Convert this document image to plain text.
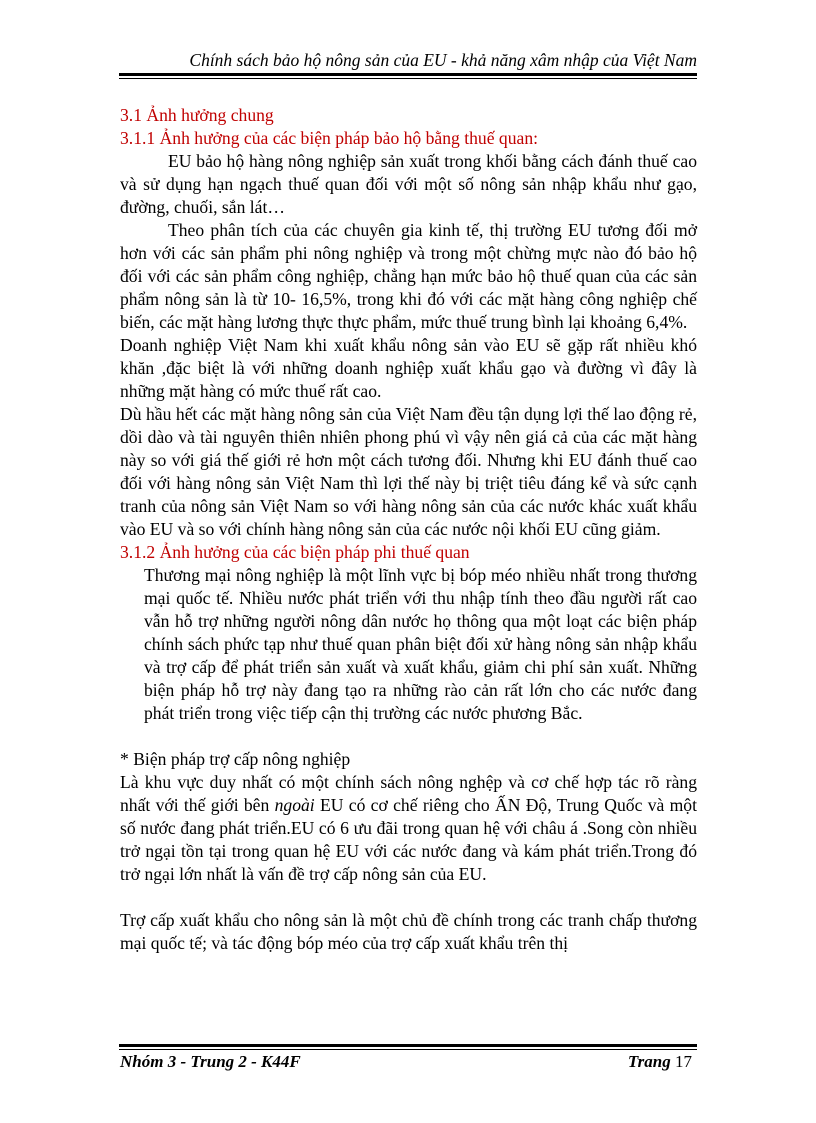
Chính sách bảo hộ nông sản của EU - khả năng xâm nhập của Việt Nam

3.1 Ảnh hưởng chung

3.1.1 Ảnh hưởng của các biện pháp bảo hộ bằng thuế quan:

EU bảo hộ hàng nông nghiệp sản xuất trong khối bằng cách đánh thuế cao và sử dụng hạn ngạch thuế quan đối với một số nông sản nhập khẩu như gạo, đường, chuối, sắn lát…

Theo phân tích của các chuyên gia kinh tế, thị trường EU tương đối mở hơn với các sản phẩm phi nông nghiệp và trong một chừng mực nào đó bảo hộ đối với các sản phẩm công nghiệp, chẳng hạn mức bảo hộ thuế quan của các sản phẩm nông sản là từ 10- 16,5%, trong khi đó với các mặt hàng công nghiệp chế biến, các mặt hàng lương thực thực phẩm, mức thuế trung bình lại khoảng 6,4%.

Doanh nghiệp Việt Nam khi xuất khẩu nông sản vào EU sẽ gặp rất nhiều khó khăn ,đặc biệt là với những doanh nghiệp xuất khẩu gạo và đường vì đây là những mặt hàng có mức thuế rất cao.

Dù hầu hết các mặt hàng nông sản của Việt Nam đều tận dụng lợi thế lao động rẻ, dồi dào và tài nguyên thiên nhiên phong phú vì vậy nên giá cả của các mặt hàng này so với giá thế giới rẻ hơn một cách tương đối. Nhưng khi EU đánh thuế cao đối với hàng nông sản Việt Nam thì lợi thế này bị triệt tiêu đáng kể và sức cạnh tranh của nông sản Việt Nam so với hàng nông sản của các nước khác xuất khẩu vào EU và so với chính hàng nông sản của các nước nội khối EU cũng giảm.

3.1.2 Ảnh hưởng của các biện pháp phi thuế quan

Thương mại nông nghiệp là một lĩnh vực bị bóp méo nhiều nhất trong thương mại quốc tế. Nhiều nước phát triển với thu nhập tính theo đầu người rất cao vẫn hỗ trợ những người nông dân nước họ thông qua một loạt các biện pháp chính sách phức tạp như thuế quan phân biệt đối xử hàng nông sản nhập khẩu và trợ cấp để phát triển sản xuất và xuất khẩu, giảm chi phí sản xuất. Những biện pháp hỗ trợ này đang tạo ra những rào cản rất lớn cho các nước đang phát triển trong việc tiếp cận thị trường các nước phương Bắc.

* Biện pháp trợ cấp nông nghiệp

Là khu vực duy nhất có một chính sách nông nghệp và cơ chế hợp tác rõ ràng nhất với thế giới bên ngoài EU có cơ chế riêng cho ẤN Độ, Trung Quốc và một số nước đang phát triển.EU có 6 ưu đãi trong quan hệ với châu á .Song còn nhiều trở ngại tồn tại trong quan hệ EU với các nước đang và kám phát triển.Trong đó trở ngại lớn nhất là vấn đề trợ cấp nông sản của EU.

Trợ cấp xuất khẩu cho nông sản là một chủ đề chính trong các tranh chấp thương mại quốc tế; và tác động bóp méo của trợ cấp xuất khẩu trên thị

Nhóm 3 - Trung 2 - K44F	Trang 17
